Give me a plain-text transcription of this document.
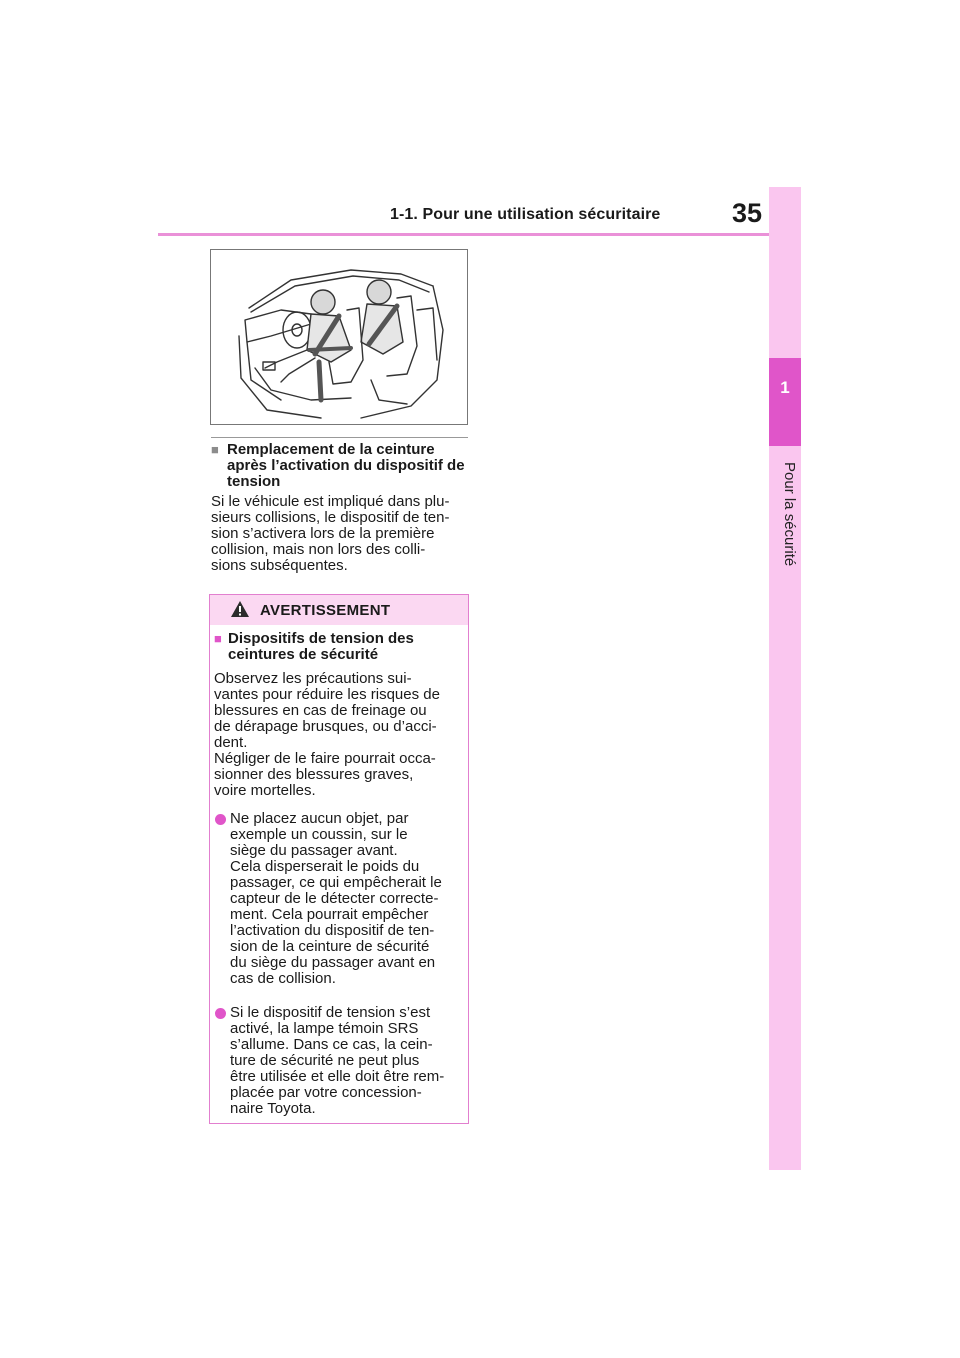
1-1. Pour une utilisation sécuritaire	35
1
Pour la sécurité
■ Remplacement de la ceinture après l’activation du dispositif de tension
Si le véhicule est impliqué dans plu-
sieurs collisions, le dispositif de ten-
sion s’activera lors de la première
collision, mais non lors des colli-
sions subséquentes.
AVERTISSEMENT
■ Dispositifs de tension des ceintures de sécurité
Observez les précautions sui-
vantes pour réduire les risques de
blessures en cas de freinage ou
de dérapage brusques, ou d’acci-
dent.
Négliger de le faire pourrait occa-
sionner des blessures graves,
voire mortelles.
Ne placez aucun objet, par
exemple un coussin, sur le
siège du passager avant.
Cela disperserait le poids du
passager, ce qui empêcherait le
capteur de le détecter correcte-
ment. Cela pourrait empêcher
l’activation du dispositif de ten-
sion de la ceinture de sécurité
du siège du passager avant en
cas de collision.
Si le dispositif de tension s’est
activé, la lampe témoin SRS
s’allume. Dans ce cas, la cein-
ture de sécurité ne peut plus
être utilisée et elle doit être rem-
placée par votre concession-
naire Toyota.
